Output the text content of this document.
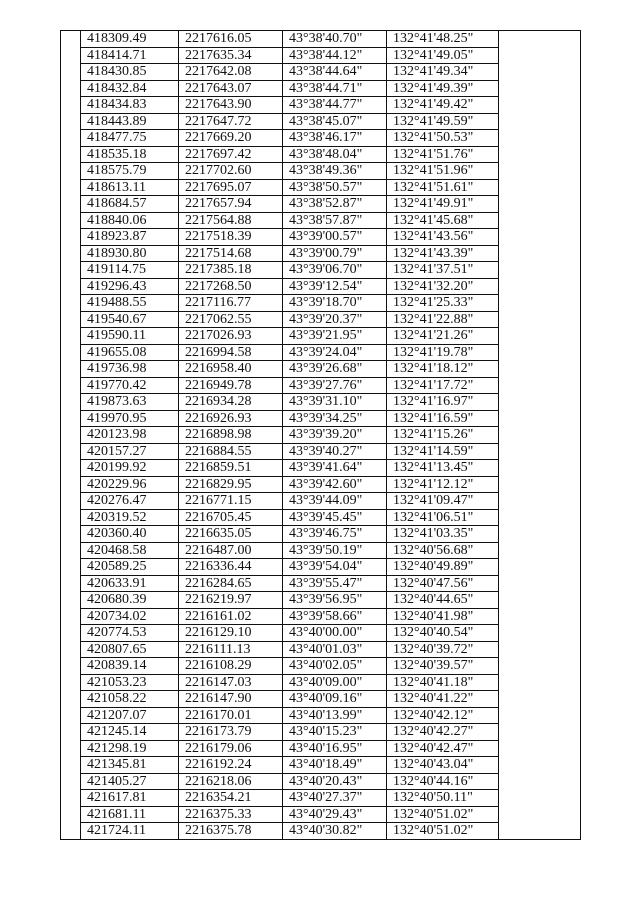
	418309.49	2217616.05	43°38'40.70"	132°41'48.25"	
	418414.71	2217635.34	43°38'44.12"	132°41'49.05"	
	418430.85	2217642.08	43°38'44.64"	132°41'49.34"	
	418432.84	2217643.07	43°38'44.71"	132°41'49.39"	
	418434.83	2217643.90	43°38'44.77"	132°41'49.42"	
	418443.89	2217647.72	43°38'45.07"	132°41'49.59"	
	418477.75	2217669.20	43°38'46.17"	132°41'50.53"	
	418535.18	2217697.42	43°38'48.04"	132°41'51.76"	
	418575.79	2217702.60	43°38'49.36"	132°41'51.96"	
	418613.11	2217695.07	43°38'50.57"	132°41'51.61"	
	418684.57	2217657.94	43°38'52.87"	132°41'49.91"	
	418840.06	2217564.88	43°38'57.87"	132°41'45.68"	
	418923.87	2217518.39	43°39'00.57"	132°41'43.56"	
	418930.80	2217514.68	43°39'00.79"	132°41'43.39"	
	419114.75	2217385.18	43°39'06.70"	132°41'37.51"	
	419296.43	2217268.50	43°39'12.54"	132°41'32.20"	
	419488.55	2217116.77	43°39'18.70"	132°41'25.33"	
	419540.67	2217062.55	43°39'20.37"	132°41'22.88"	
	419590.11	2217026.93	43°39'21.95"	132°41'21.26"	
	419655.08	2216994.58	43°39'24.04"	132°41'19.78"	
	419736.98	2216958.40	43°39'26.68"	132°41'18.12"	
	419770.42	2216949.78	43°39'27.76"	132°41'17.72"	
	419873.63	2216934.28	43°39'31.10"	132°41'16.97"	
	419970.95	2216926.93	43°39'34.25"	132°41'16.59"	
	420123.98	2216898.98	43°39'39.20"	132°41'15.26"	
	420157.27	2216884.55	43°39'40.27"	132°41'14.59"	
	420199.92	2216859.51	43°39'41.64"	132°41'13.45"	
	420229.96	2216829.95	43°39'42.60"	132°41'12.12"	
	420276.47	2216771.15	43°39'44.09"	132°41'09.47"	
	420319.52	2216705.45	43°39'45.45"	132°41'06.51"	
	420360.40	2216635.05	43°39'46.75"	132°41'03.35"	
	420468.58	2216487.00	43°39'50.19"	132°40'56.68"	
	420589.25	2216336.44	43°39'54.04"	132°40'49.89"	
	420633.91	2216284.65	43°39'55.47"	132°40'47.56"	
	420680.39	2216219.97	43°39'56.95"	132°40'44.65"	
	420734.02	2216161.02	43°39'58.66"	132°40'41.98"	
	420774.53	2216129.10	43°40'00.00"	132°40'40.54"	
	420807.65	2216111.13	43°40'01.03"	132°40'39.72"	
	420839.14	2216108.29	43°40'02.05"	132°40'39.57"	
	421053.23	2216147.03	43°40'09.00"	132°40'41.18"	
	421058.22	2216147.90	43°40'09.16"	132°40'41.22"	
	421207.07	2216170.01	43°40'13.99"	132°40'42.12"	
	421245.14	2216173.79	43°40'15.23"	132°40'42.27"	
	421298.19	2216179.06	43°40'16.95"	132°40'42.47"	
	421345.81	2216192.24	43°40'18.49"	132°40'43.04"	
	421405.27	2216218.06	43°40'20.43"	132°40'44.16"	
	421617.81	2216354.21	43°40'27.37"	132°40'50.11"	
	421681.11	2216375.33	43°40'29.43"	132°40'51.02"	
	421724.11	2216375.78	43°40'30.82"	132°40'51.02"	
